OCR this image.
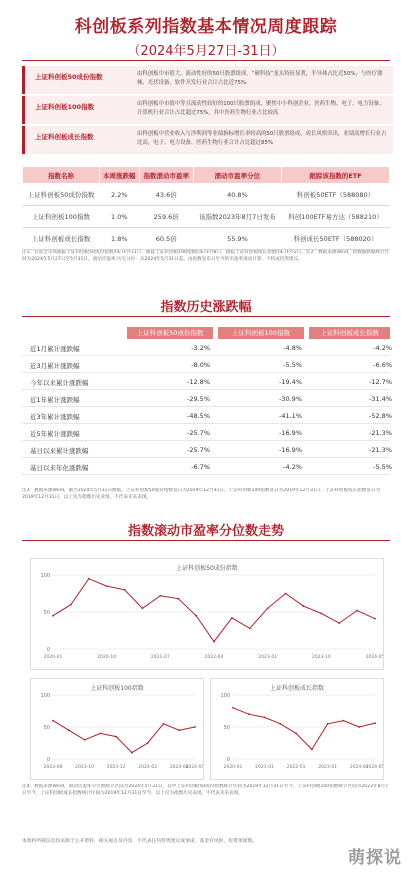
科创板系列指数基本情况周度跟踪
（2024年5月27日-31日）
上证科创板50成份指数	由科创板中市值大、流动性好的50只股票组成，“硬科技”龙头特征显著，半导体占比近50%，与医疗器械、光伏设备、软件开发行业合计占比近75%
上证科创板100指数	由科创板中市值中等且流动性较好的100只股票组成，聚焦中小科创企业，医药生物、电子、电力设备、计算机行业合计占比超过75%，其中医药生物行业占比较高
上证科创板成长指数	由科创板中营业收入与净利润等业绩指标增长率较高的50只股票组成，成长风格突出，业绩高增长行业占比高，电子、电力设备、医药生物行业合计占比超过85%
指数名称	本周涨跌幅	指数滚动市盈率	滚动市盈率分位	跟踪该指数的ETF
上证科创板50成份指数	2.2%	43.6倍	40.8%	科创板50ETF（588080）
上证科创板100指数	1.0%	259.6倍	该指数2023年8月7日发布	科创100ETF易方达（588210）
上证科创板成长指数	1.8%	60.5倍	55.9%	科创成长50ETF（588020）
注1：目前全市场跟踪上证科创板50成份指数的ETF共11只，跟踪上证科创板100指数的ETF共8只，跟踪上证科创板成长指数的ETF共2只。注2：数据来源Wind，指数涨跌幅统计区间为2024年5月27日至5月31日。滚动市盈率·历史分位：从2024年5月31日起，由指数发布日至今的市盈率滚动计算，不构成投资建议。
指数历史涨跌幅
上证科创板50成份指数	上证科创板100指数	上证科创板成长指数
近1月累计涨跌幅	-3.2%	-4.8%	-4.2%
近3月累计涨跌幅	-8.0%	-5.5%	-6.6%
今年以来累计涨跌幅	-12.8%	-19.4%	-12.7%
近1年累计涨跌幅	-29.5%	-30.9%	-31.4%
近3年累计涨跌幅	-48.5%	-41.1%	-52.8%
近5年累计涨跌幅	-25.7%	-16.9%	-21.3%
基日以来累计涨跌幅	-25.7%	-16.9%	-21.3%
基日以来年化涨跌幅	-6.7%	-4.2%	-5.5%
注3：数据来源Wind，截至2024年5月31日数据。上证科创板50成份指数基日为2019年12月31日，上证科创板100指数基日为2019年12月31日，上证科创板成长指数基日为2019年12月31日，以上仅为指数历史业绩，不代表未来表现。
指数滚动市盈率分位数走势
上证科创板50成份指数
0
50
100
2020-01	2020-10	2021-07	2022-04	2023-01	2023-10	2024-05
上证科创板100指数
0
50
100
2023-08	2023-10	2023-12	2024-02	2024-04
2024-05
上证科创板成长指数
0
50
100
2020-01	2021-01	2022-01	2023-01	2024-01
2024-05
注4：数据来源Wind，滚动市盈率分位数统计区间为2024年5月31日，其中上证科创板50成份指数统计区间为2019年12月31日至今，上证科创板100指数统计区间为2023年8月7日至今，上证科创板成长指数统计区间为2019年12月31日至今，以上仅为指数历史表现，不代表未来表现。
本资料所载信息均来源于公开资料，相关观点及内容，不代表任何投资建议或承诺。基金有风险，投资须谨慎。
萌探说
